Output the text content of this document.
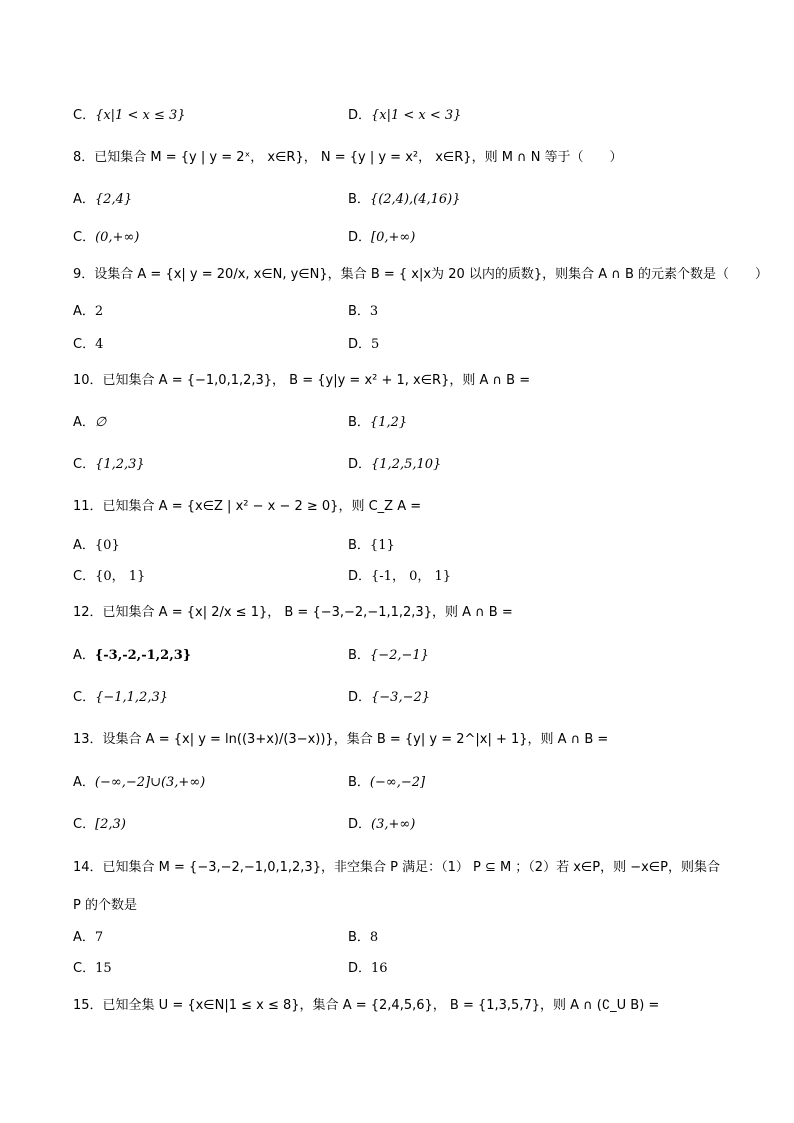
C．{x|1 < x ≤ 3}	D．{x|1 < x < 3}
8．已知集合 M = {y | y = 2ˣ， x∈R}， N = {y | y = x²， x∈R}，则 M ∩ N 等于（　　）
A．{2,4}	B．{(2,4),(4,16)}
C．(0,+∞)	D．[0,+∞)
9．设集合 A = {x| y = 20/x, x∈N, y∈N}，集合 B = { x|x为 20 以内的质数}，则集合 A ∩ B 的元素个数是（　　）
A．2	B．3
C．4	D．5
10．已知集合 A = {−1,0,1,2,3}， B = {y|y = x² + 1, x∈R}，则 A ∩ B =
A．∅	B．{1,2}
C．{1,2,3}	D．{1,2,5,10}
11．已知集合 A = {x∈Z | x² − x − 2 ≥ 0}，则 C_Z A =
A．{0}	B．{1}
C．{0， 1}	D．{-1， 0， 1}
12．已知集合 A = {x| 2/x ≤ 1}， B = {−3,−2,−1,1,2,3}，则 A ∩ B =
A．{-3,-2,-1,2,3}	B．{−2,−1}
C．{−1,1,2,3}	D．{−3,−2}
13．设集合 A = {x| y = ln((3+x)/(3−x))}，集合 B = {y| y = 2^|x| + 1}，则 A ∩ B =
A．(−∞,−2]∪(3,+∞)	B．(−∞,−2]
C．[2,3)	D．(3,+∞)
14．已知集合 M = {−3,−2,−1,0,1,2,3}，非空集合 P 满足：（1） P ⊆ M ；（2）若 x∈P，则 −x∈P，则集合
P 的个数是
A．7	B．8
C．15	D．16
15．已知全集 U = {x∈N|1 ≤ x ≤ 8}，集合 A = {2,4,5,6}， B = {1,3,5,7}，则 A ∩ (∁_U B) =
